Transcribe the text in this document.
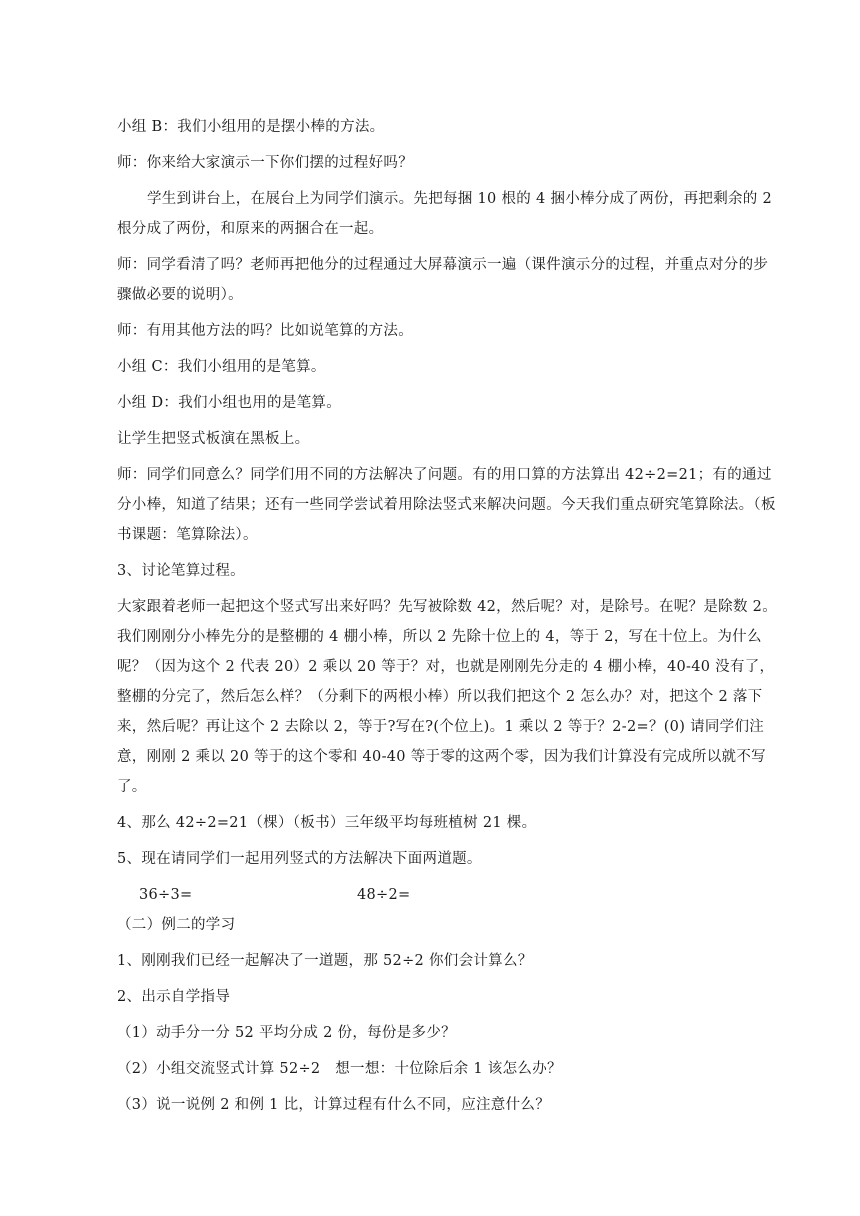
小组 B：我们小组用的是摆小棒的方法。

师：你来给大家演示一下你们摆的过程好吗？

学生到讲台上，在展台上为同学们演示。先把每捆 10 根的 4 捆小棒分成了两份，再把剩余的 2 根分成了两份，和原来的两捆合在一起。

师：同学看清了吗？老师再把他分的过程通过大屏幕演示一遍（课件演示分的过程，并重点对分的步骤做必要的说明）。

师：有用其他方法的吗？比如说笔算的方法。

小组 C：我们小组用的是笔算。

小组 D：我们小组也用的是笔算。

让学生把竖式板演在黑板上。

师：同学们同意么？同学们用不同的方法解决了问题。有的用口算的方法算出 42÷2=21；有的通过分小棒，知道了结果；还有一些同学尝试着用除法竖式来解决问题。今天我们重点研究笔算除法。（板书课题：笔算除法）。

3、讨论笔算过程。

大家跟着老师一起把这个竖式写出来好吗？先写被除数 42，然后呢？对，是除号。在呢？是除数 2。我们刚刚分小棒先分的是整棚的 4 棚小棒，所以 2 先除十位上的 4，等于 2，写在十位上。为什么呢？（因为这个 2 代表 20）2 乘以 20 等于？对，也就是刚刚先分走的 4 棚小棒，40-40 没有了，整棚的分完了，然后怎么样？（分剩下的两根小棒）所以我们把这个 2 怎么办？对，把这个 2 落下来，然后呢？再让这个 2 去除以 2，等于?写在?(个位上)。1 乘以 2 等于？2-2=？(0) 请同学们注意，刚刚 2 乘以 20 等于的这个零和 40-40 等于零的这两个零，因为我们计算没有完成所以就不写了。

4、那么 42÷2=21（棵）（板书）三年级平均每班植树 21 棵。

5、现在请同学们一起用列竖式的方法解决下面两道题。

36÷3=	48÷2=

（二）例二的学习

1、刚刚我们已经一起解决了一道题，那 52÷2 你们会计算么？

2、出示自学指导

（1）动手分一分 52 平均分成 2 份，每份是多少？

（2）小组交流竖式计算 52÷2　想一想：十位除后余 1 该怎么办？

（3）说一说例 2 和例 1 比，计算过程有什么不同，应注意什么？
